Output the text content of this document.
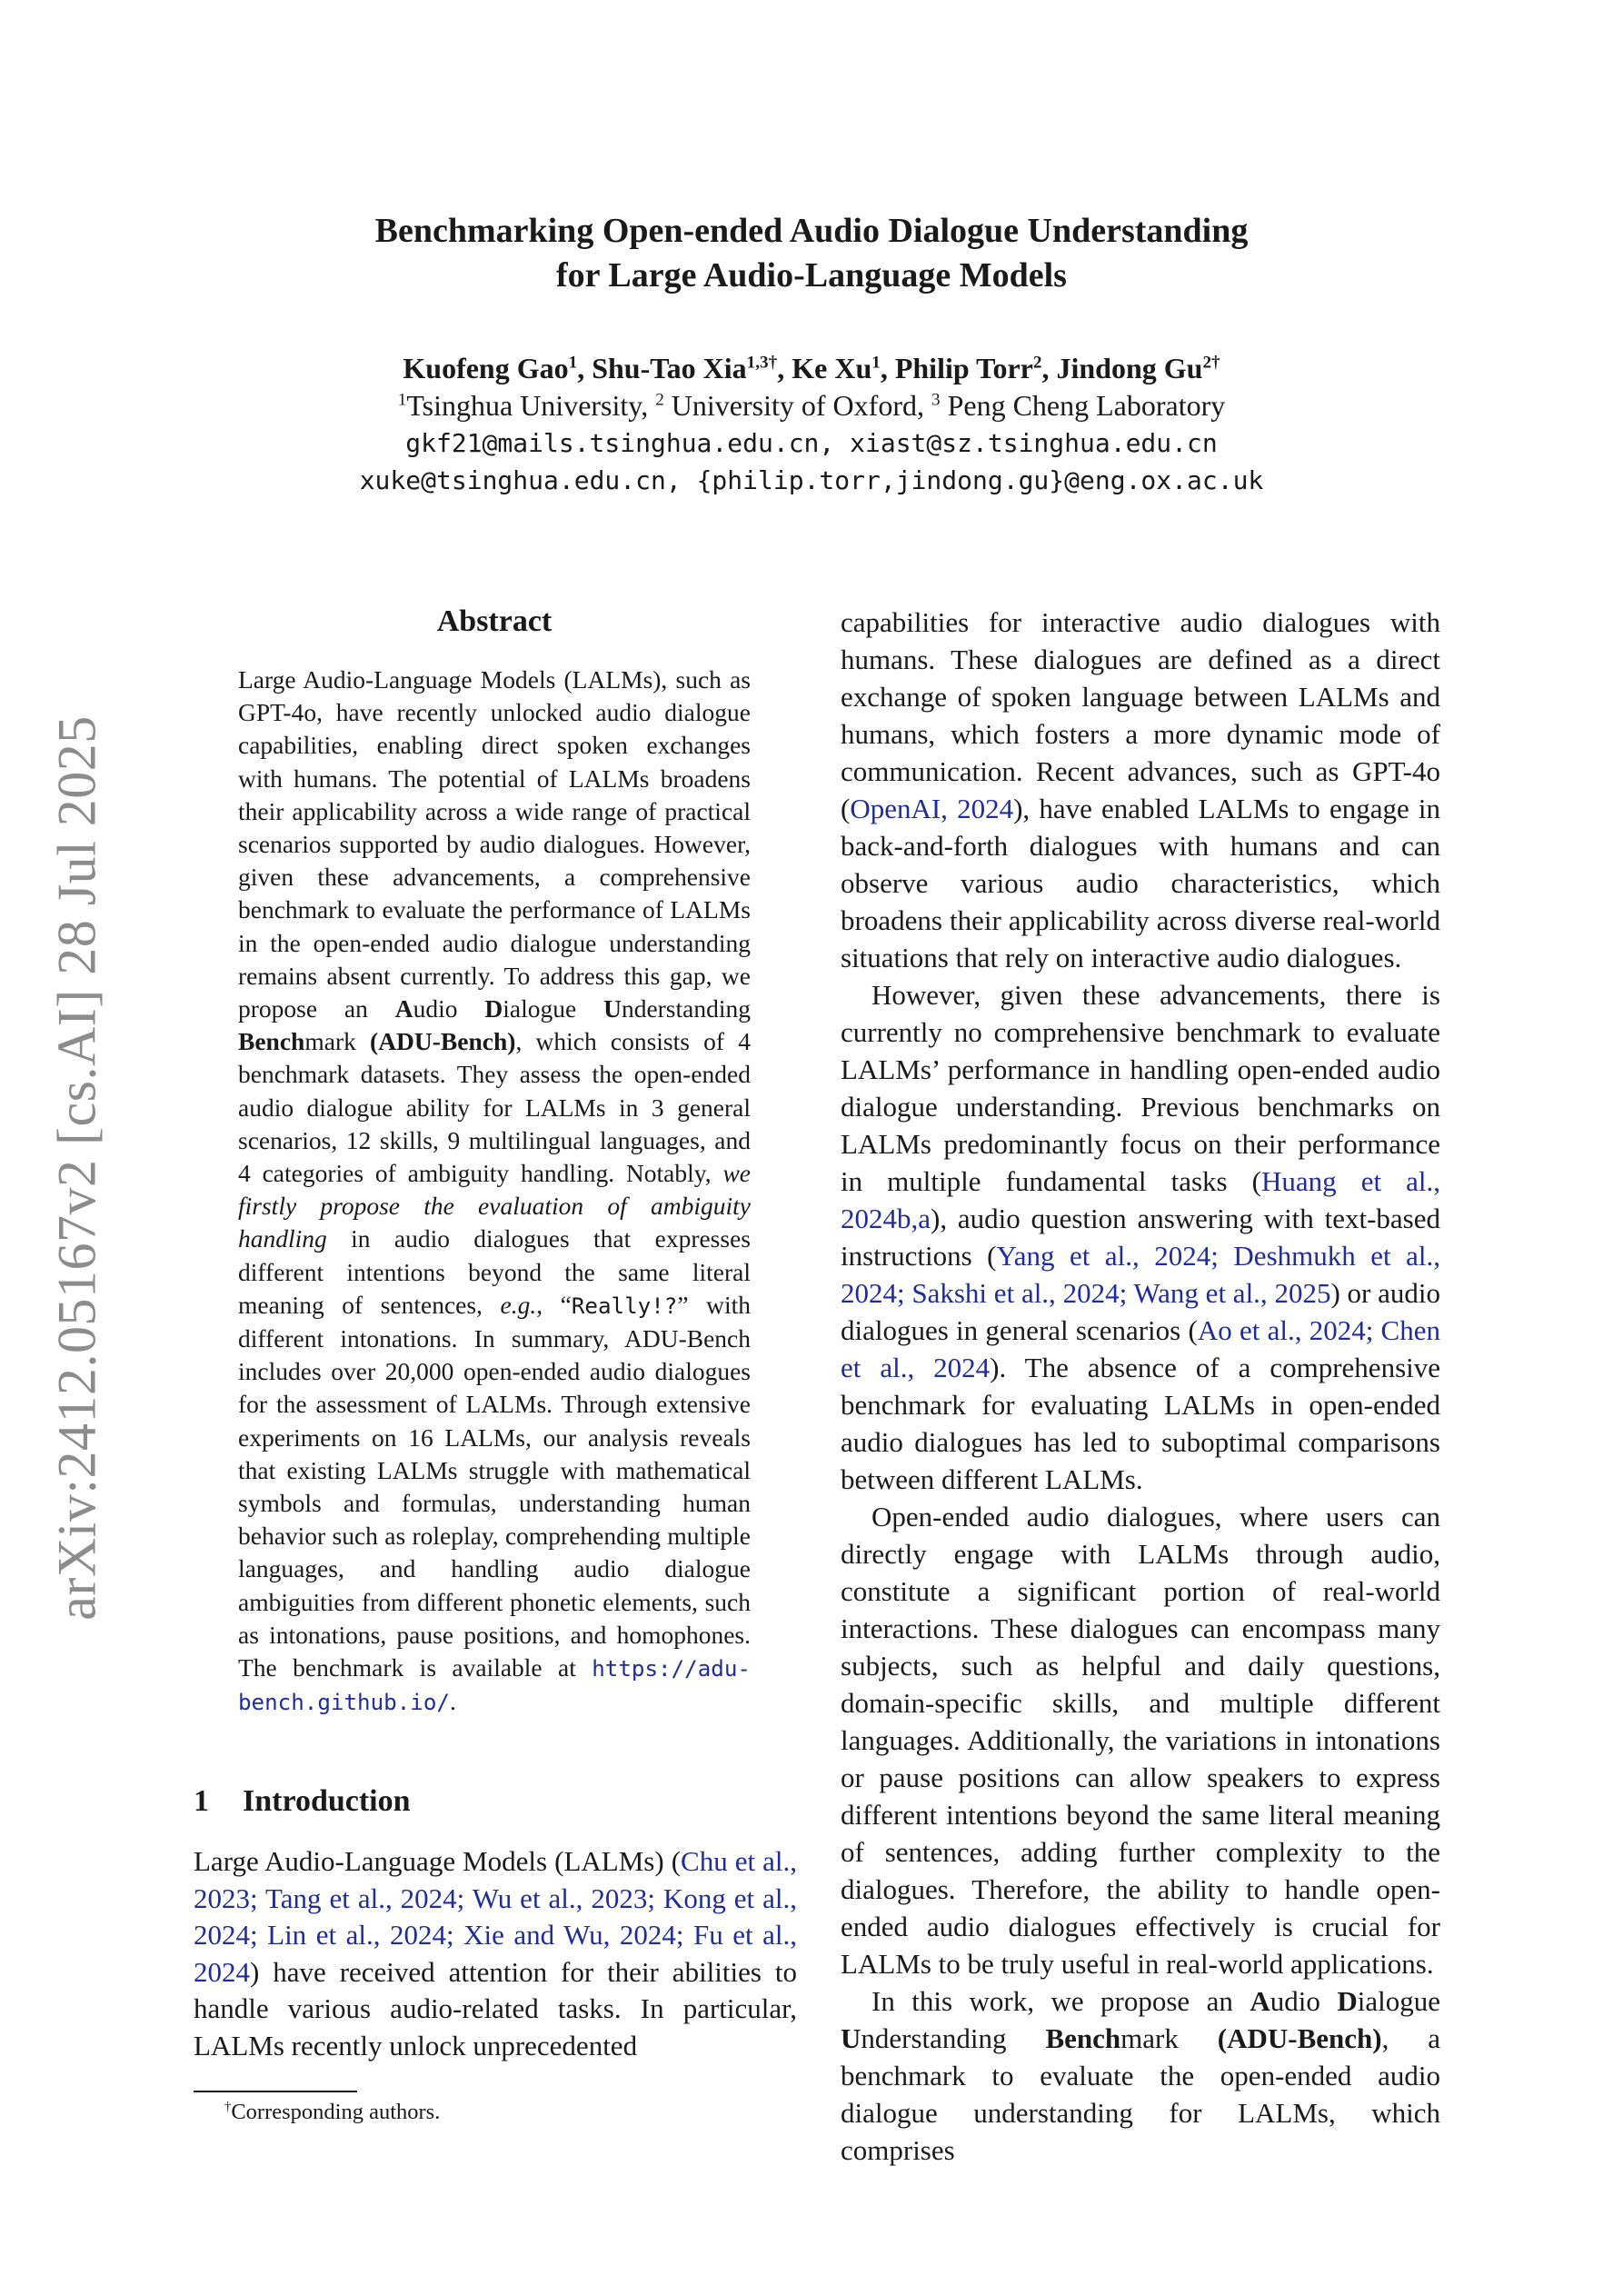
arXiv:2412.05167v2 [cs.AI] 28 Jul 2025
Benchmarking Open-ended Audio Dialogue Understanding
for Large Audio-Language Models
Kuofeng Gao$^1$, Shu-Tao Xia$^{1,3\dagger}$, Ke Xu$^1$, Philip Torr$^2$, Jindong $Gu^{2\dagger}$
$^1$Tsinghua University, $^2$ University of Oxford, $^3$ Peng Cheng Laboratory
gkf21@mails.tsinghua.edu.cn, xiast@sz.tsinghua.edu.cn
xuke@tsinghua.edu.cn, {philip.torr,jindong.gu}@eng.ox.ac.uk
Abstract

Large Audio-Language Models (LALMs), such as GPT-4o, have recently unlocked audio dialogue capabilities, enabling direct spoken exchanges with humans. The potential of LALMs broadens their applicability across a wide range of practical scenarios supported by audio dialogues. However, given these advancements, a comprehensive benchmark to evaluate the performance of LALMs in the open-ended audio dialogue understanding remains absent currently. To address this gap, we propose an Audio Dialogue Understanding Benchmark (ADU-Bench), which consists of 4 benchmark datasets. They assess the open-ended audio dialogue ability for LALMs in 3 general scenarios, 12 skills, 9 multilingual languages, and 4 categories of ambiguity handling. Notably, we firstly propose the evaluation of ambiguity handling in audio dialogues that expresses different intentions beyond the same literal meaning of sentences, e.g., “Really!?” with different intonations. In summary, ADU-Bench includes over 20,000 open-ended audio dialogues for the assessment of LALMs. Through extensive experiments on 16 LALMs, our analysis reveals that existing LALMs struggle with mathematical symbols and formulas, understanding human behavior such as roleplay, comprehending multiple languages, and handling audio dialogue ambiguities from different phonetic elements, such as intonations, pause positions, and homophones. The benchmark is available at https://adu-bench.github.io/.

1 Introduction

Large Audio-Language Models (LALMs) (Chu et al., 2023; Tang et al., 2024; Wu et al., 2023; Kong et al., 2024; Lin et al., 2024; Xie and Wu, 2024; Fu et al., 2024) have received attention for their abilities to handle various audio-related tasks. In particular, LALMs recently unlock unprecedented

capabilities for interactive audio dialogues with humans. These dialogues are defined as a direct exchange of spoken language between LALMs and humans, which fosters a more dynamic mode of communication. Recent advances, such as GPT-4o (OpenAI, 2024), have enabled LALMs to engage in back-and-forth dialogues with humans and can observe various audio characteristics, which broadens their applicability across diverse real-world situations that rely on interactive audio dialogues.

However, given these advancements, there is currently no comprehensive benchmark to evaluate LALMs’ performance in handling open-ended audio dialogue understanding. Previous benchmarks on LALMs predominantly focus on their performance in multiple fundamental tasks (Huang et al., 2024b,a), audio question answering with text-based instructions (Yang et al., 2024; Deshmukh et al., 2024; Sakshi et al., 2024; Wang et al., 2025) or audio dialogues in general scenarios (Ao et al., 2024; Chen et al., 2024). The absence of a comprehensive benchmark for evaluating LALMs in open-ended audio dialogues has led to suboptimal comparisons between different LALMs.

Open-ended audio dialogues, where users can directly engage with LALMs through audio, constitute a significant portion of real-world interactions. These dialogues can encompass many subjects, such as helpful and daily questions, domain-specific skills, and multiple different languages. Additionally, the variations in intonations or pause positions can allow speakers to express different intentions beyond the same literal meaning of sentences, adding further complexity to the dialogues. Therefore, the ability to handle open-ended audio dialogues effectively is crucial for LALMs to be truly useful in real-world applications.

In this work, we propose an Audio Dialogue Understanding Benchmark (ADU-Bench), a benchmark to evaluate the open-ended audio dialogue understanding for LALMs, which comprises

†Corresponding authors.
